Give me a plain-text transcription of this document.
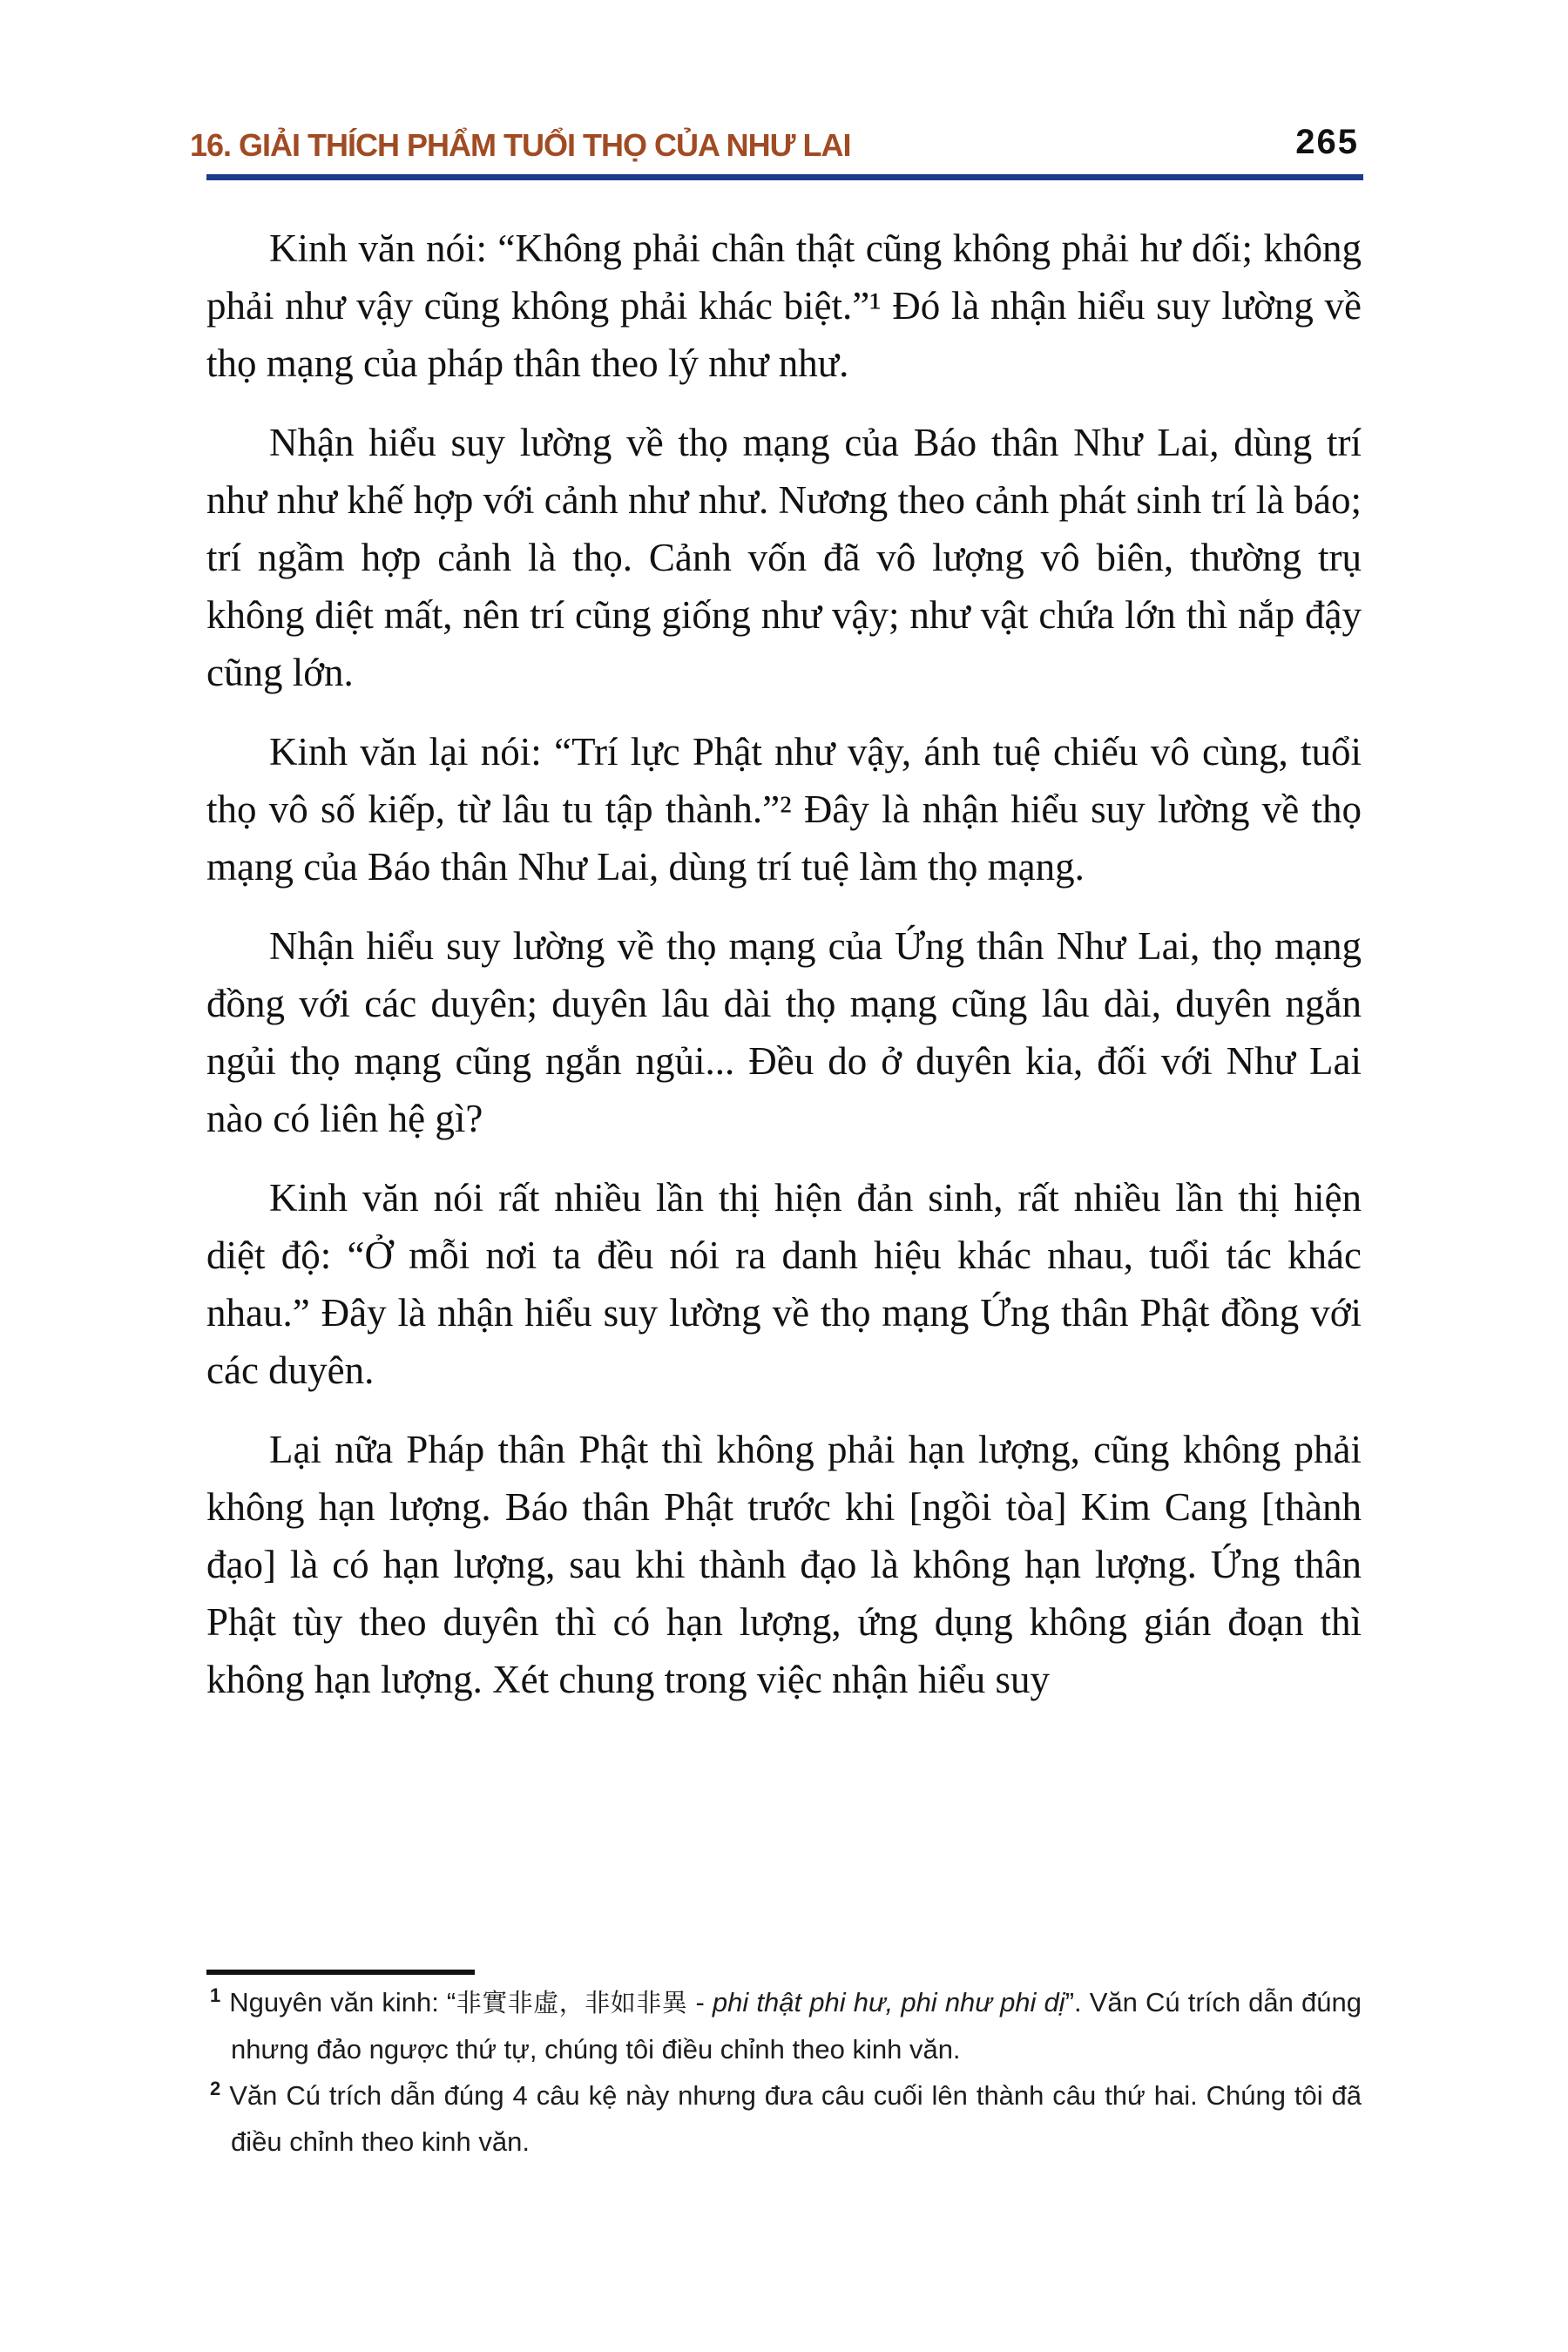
16. GIẢI THÍCH PHẨM TUỔI THỌ CỦA NHƯ LAI	265

Kinh văn nói: “Không phải chân thật cũng không phải hư dối; không phải như vậy cũng không phải khác biệt.”¹ Đó là nhận hiểu suy lường về thọ mạng của pháp thân theo lý như như.

Nhận hiểu suy lường về thọ mạng của Báo thân Như Lai, dùng trí như như khế hợp với cảnh như như. Nương theo cảnh phát sinh trí là báo; trí ngầm hợp cảnh là thọ. Cảnh vốn đã vô lượng vô biên, thường trụ không diệt mất, nên trí cũng giống như vậy; như vật chứa lớn thì nắp đậy cũng lớn.

Kinh văn lại nói: “Trí lực Phật như vậy, ánh tuệ chiếu vô cùng, tuổi thọ vô số kiếp, từ lâu tu tập thành.”² Đây là nhận hiểu suy lường về thọ mạng của Báo thân Như Lai, dùng trí tuệ làm thọ mạng.

Nhận hiểu suy lường về thọ mạng của Ứng thân Như Lai, thọ mạng đồng với các duyên; duyên lâu dài thọ mạng cũng lâu dài, duyên ngắn ngủi thọ mạng cũng ngắn ngủi... Đều do ở duyên kia, đối với Như Lai nào có liên hệ gì?

Kinh văn nói rất nhiều lần thị hiện đản sinh, rất nhiều lần thị hiện diệt độ: “Ở mỗi nơi ta đều nói ra danh hiệu khác nhau, tuổi tác khác nhau.” Đây là nhận hiểu suy lường về thọ mạng Ứng thân Phật đồng với các duyên.

Lại nữa Pháp thân Phật thì không phải hạn lượng, cũng không phải không hạn lượng. Báo thân Phật trước khi [ngồi tòa] Kim Cang [thành đạo] là có hạn lượng, sau khi thành đạo là không hạn lượng. Ứng thân Phật tùy theo duyên thì có hạn lượng, ứng dụng không gián đoạn thì không hạn lượng. Xét chung trong việc nhận hiểu suy

$^1$ Nguyên văn kinh: “非實非虛，非如非異 - phi thật phi hư, phi như phi dị”. Văn Cú trích dẫn đúng nhưng đảo ngược thứ tự, chúng tôi điều chỉnh theo kinh văn.

$^2$ Văn Cú trích dẫn đúng 4 câu kệ này nhưng đưa câu cuối lên thành câu thứ hai. Chúng tôi đã điều chỉnh theo kinh văn.
